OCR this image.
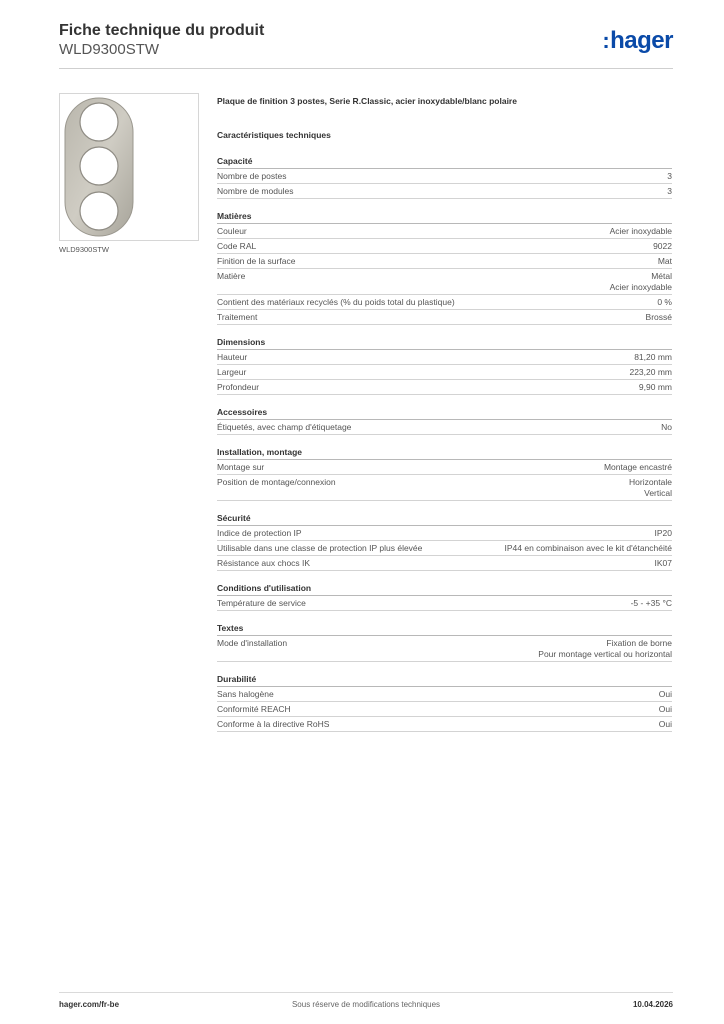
Fiche technique du produit
WLD9300STW	:hager
WLD9300STW
Plaque de finition 3 postes, Serie R.Classic, acier inoxydable/blanc polaire
Caractéristiques techniques
Capacité
Nombre de postes	3
Nombre de modules	3
Matières
Couleur	Acier inoxydable
Code RAL	9022
Finition de la surface	Mat
Matière	Métal
Acier inoxydable
Contient des matériaux recyclés (% du poids total du plastique)	0 %
Traitement	Brossé
Dimensions
Hauteur	81,20 mm
Largeur	223,20 mm
Profondeur	9,90 mm
Accessoires
Étiquetés, avec champ d'étiquetage	No
Installation, montage
Montage sur	Montage encastré
Position de montage/connexion	Horizontale
Vertical
Sécurité
Indice de protection IP	IP20
Utilisable dans une classe de protection IP plus élevée	IP44 en combinaison avec le kit d'étanchéité
Résistance aux chocs IK	IK07
Conditions d'utilisation
Température de service	-5 - +35 °C
Textes
Mode d'installation	Fixation de borne
Pour montage vertical ou horizontal
Durabilité
Sans halogène	Oui
Conformité REACH	Oui
Conforme à la directive RoHS	Oui
hager.com/fr-be	Sous réserve de modifications techniques	10.04.2026
